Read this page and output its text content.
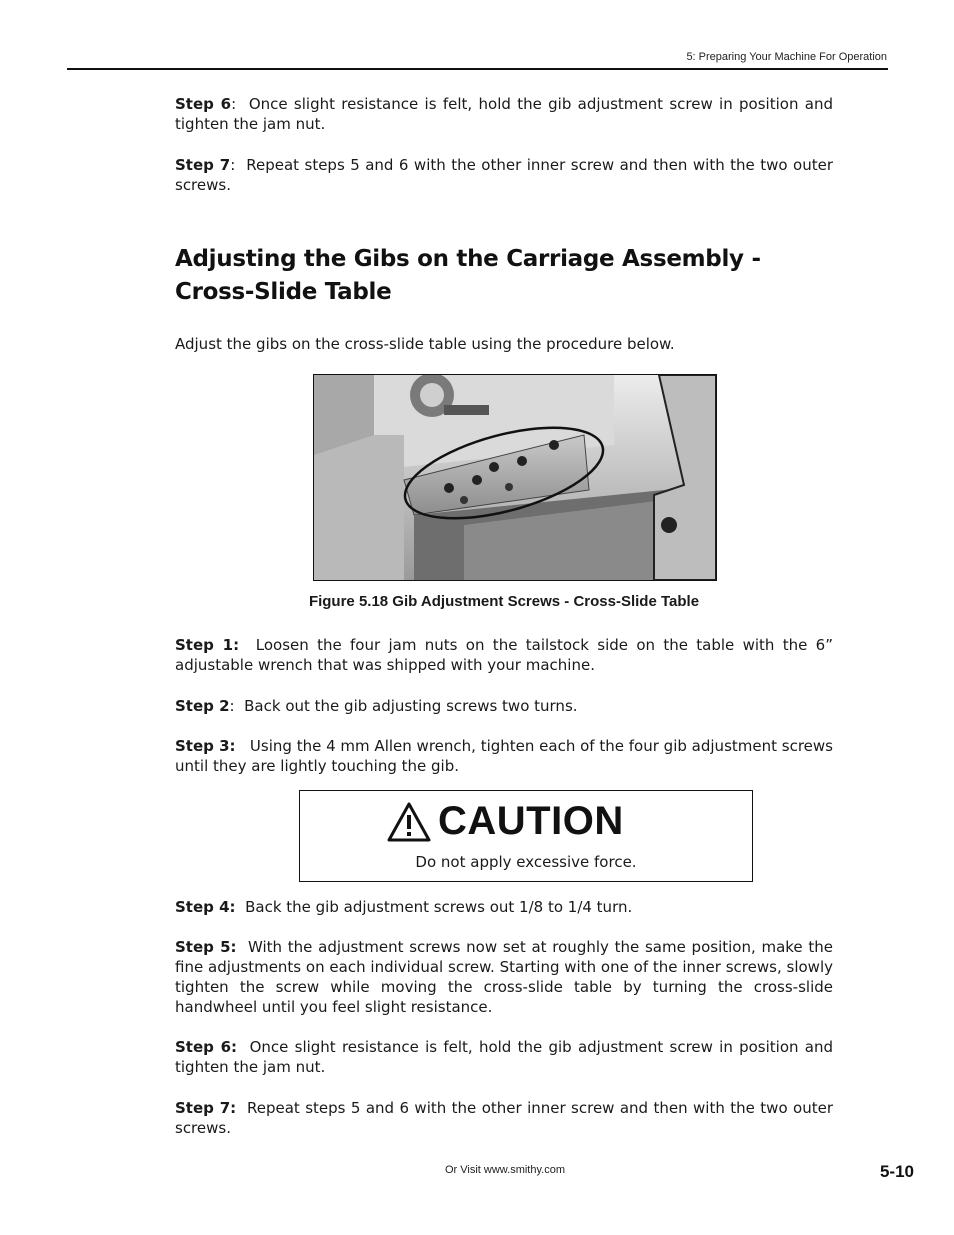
5: Preparing Your Machine For Operation

Step 6:  Once slight resistance is felt, hold the gib adjustment screw in position and tighten the jam nut.

Step 7:  Repeat steps 5 and 6 with the other inner screw and then with the two outer screws.

Adjusting the Gibs on the Carriage Assembly - Cross-Slide Table

Adjust the gibs on the cross-slide table using the procedure below.

Figure 5.18 Gib Adjustment Screws - Cross-Slide Table

Step 1: Loosen the four jam nuts on the tailstock side on the table with the 6” adjustable wrench that was shipped with your machine.

Step 2:  Back out the gib adjusting screws two turns.

Step 3: Using the 4 mm Allen wrench, tighten each of the four gib adjustment screws until they are lightly touching the gib.

CAUTION

Do not apply excessive force.

Step 4: Back the gib adjustment screws out 1/8 to 1/4 turn.

Step 5: With the adjustment screws now set at roughly the same position, make the fine adjustments on each individual screw. Starting with one of the inner screws, slowly tighten the screw while moving the cross-slide table by turning the cross-slide handwheel until you feel slight resistance.

Step 6: Once slight resistance is felt, hold the gib adjustment screw in position and tighten the jam nut.

Step 7: Repeat steps 5 and 6 with the other inner screw and then with the two outer screws.

Or Visit www.smithy.com	5-10
